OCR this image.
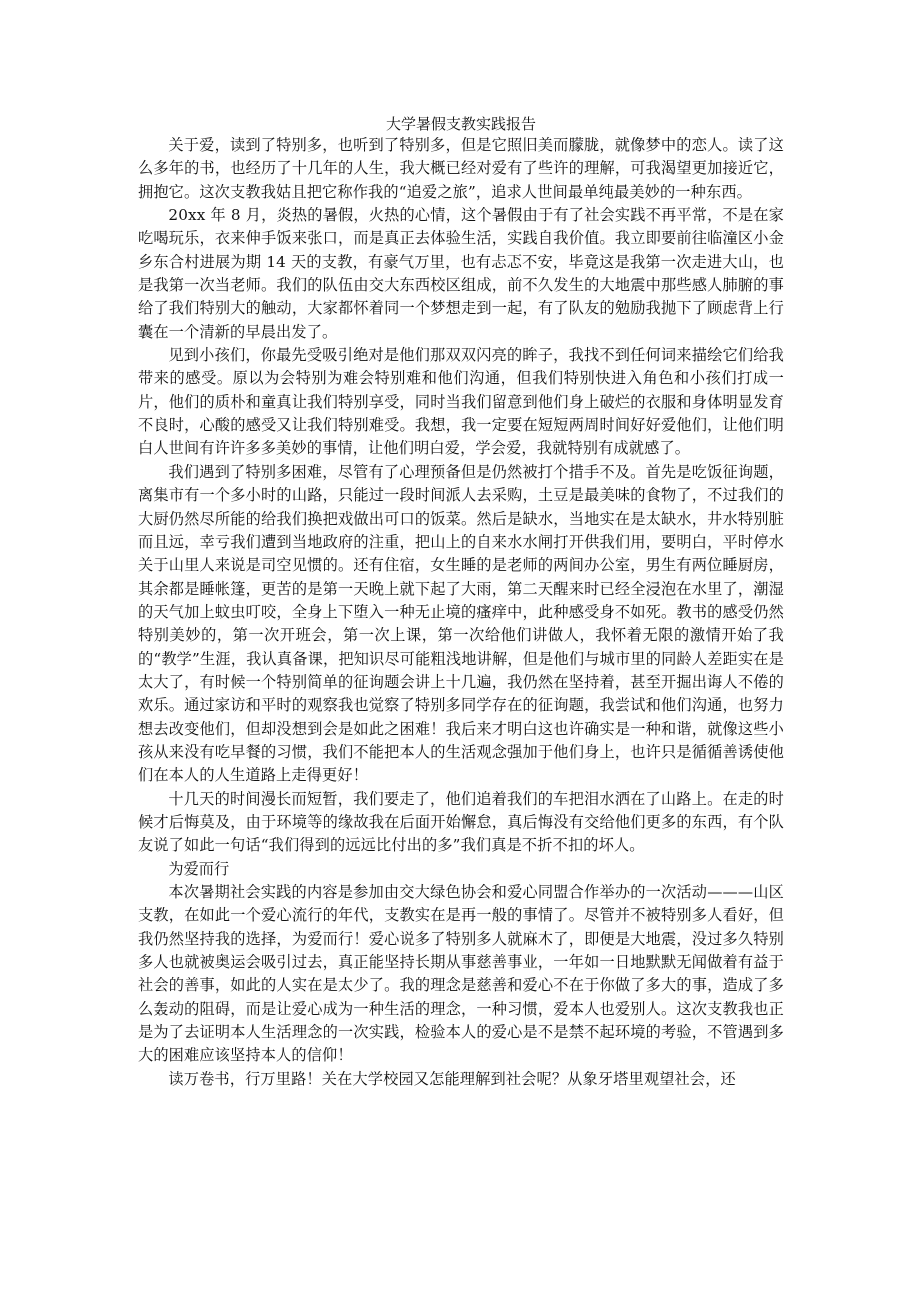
大学暑假支教实践报告

关于爱，读到了特别多，也听到了特别多，但是它照旧美而朦胧，就像梦中的恋人。读了这么多年的书，也经历了十几年的人生，我大概已经对爱有了些许的理解，可我渴望更加接近它，拥抱它。这次支教我姑且把它称作我的“追爱之旅”，追求人世间最单纯最美妙的一种东西。

20xx 年 8 月，炎热的暑假，火热的心情，这个暑假由于有了社会实践不再平常，不是在家吃喝玩乐，衣来伸手饭来张口，而是真正去体验生活，实践自我价值。我立即要前往临潼区小金乡东合村进展为期 14 天的支教，有豪气万里，也有忐忑不安，毕竟这是我第一次走进大山，也是我第一次当老师。我们的队伍由交大东西校区组成，前不久发生的大地震中那些感人肺腑的事给了我们特别大的触动，大家都怀着同一个梦想走到一起，有了队友的勉励我抛下了顾虑背上行囊在一个清新的早晨出发了。

见到小孩们，你最先受吸引绝对是他们那双双闪亮的眸子，我找不到任何词来描绘它们给我带来的感受。原以为会特别为难会特别难和他们沟通，但我们特别快进入角色和小孩们打成一片，他们的质朴和童真让我们特别享受，同时当我们留意到他们身上破烂的衣服和身体明显发育不良时，心酸的感受又让我们特别难受。我想，我一定要在短短两周时间好好爱他们，让他们明白人世间有许许多多美妙的事情，让他们明白爱，学会爱，我就特别有成就感了。

我们遇到了特别多困难，尽管有了心理预备但是仍然被打个措手不及。首先是吃饭征询题，离集市有一个多小时的山路，只能过一段时间派人去采购，土豆是最美味的食物了，不过我们的大厨仍然尽所能的给我们换把戏做出可口的饭菜。然后是缺水，当地实在是太缺水，井水特别脏而且远，幸亏我们遭到当地政府的注重，把山上的自来水水闸打开供我们用，要明白，平时停水关于山里人来说是司空见惯的。还有住宿，女生睡的是老师的两间办公室，男生有两位睡厨房，其余都是睡帐篷，更苦的是第一天晚上就下起了大雨，第二天醒来时已经全浸泡在水里了，潮湿的天气加上蚊虫叮咬，全身上下堕入一种无止境的瘙痒中，此种感受身不如死。教书的感受仍然特别美妙的，第一次开班会，第一次上课，第一次给他们讲做人，我怀着无限的激情开始了我的“教学”生涯，我认真备课，把知识尽可能粗浅地讲解，但是他们与城市里的同龄人差距实在是太大了，有时候一个特别简单的征询题会讲上十几遍，我仍然在坚持着，甚至开掘出诲人不倦的欢乐。通过家访和平时的观察我也觉察了特别多同学存在的征询题，我尝试和他们沟通，也努力想去改变他们，但却没想到会是如此之困难！我后来才明白这也许确实是一种和谐，就像这些小孩从来没有吃早餐的习惯，我们不能把本人的生活观念强加于他们身上，也许只是循循善诱使他们在本人的人生道路上走得更好！

十几天的时间漫长而短暂，我们要走了，他们追着我们的车把泪水洒在了山路上。在走的时候才后悔莫及，由于环境等的缘故我在后面开始懈怠，真后悔没有交给他们更多的东西，有个队友说了如此一句话“我们得到的远远比付出的多”我们真是不折不扣的坏人。

为爱而行

本次暑期社会实践的内容是参加由交大绿色协会和爱心同盟合作举办的一次活动———山区支教，在如此一个爱心流行的年代，支教实在是再一般的事情了。尽管并不被特别多人看好，但我仍然坚持我的选择，为爱而行！爱心说多了特别多人就麻木了，即便是大地震，没过多久特别多人也就被奥运会吸引过去，真正能坚持长期从事慈善事业，一年如一日地默默无闻做着有益于社会的善事，如此的人实在是太少了。我的理念是慈善和爱心不在于你做了多大的事，造成了多么轰动的阻碍，而是让爱心成为一种生活的理念，一种习惯，爱本人也爱别人。这次支教我也正是为了去证明本人生活理念的一次实践，检验本人的爱心是不是禁不起环境的考验，不管遇到多大的困难应该坚持本人的信仰！

读万卷书，行万里路！关在大学校园又怎能理解到社会呢？从象牙塔里观望社会，还
